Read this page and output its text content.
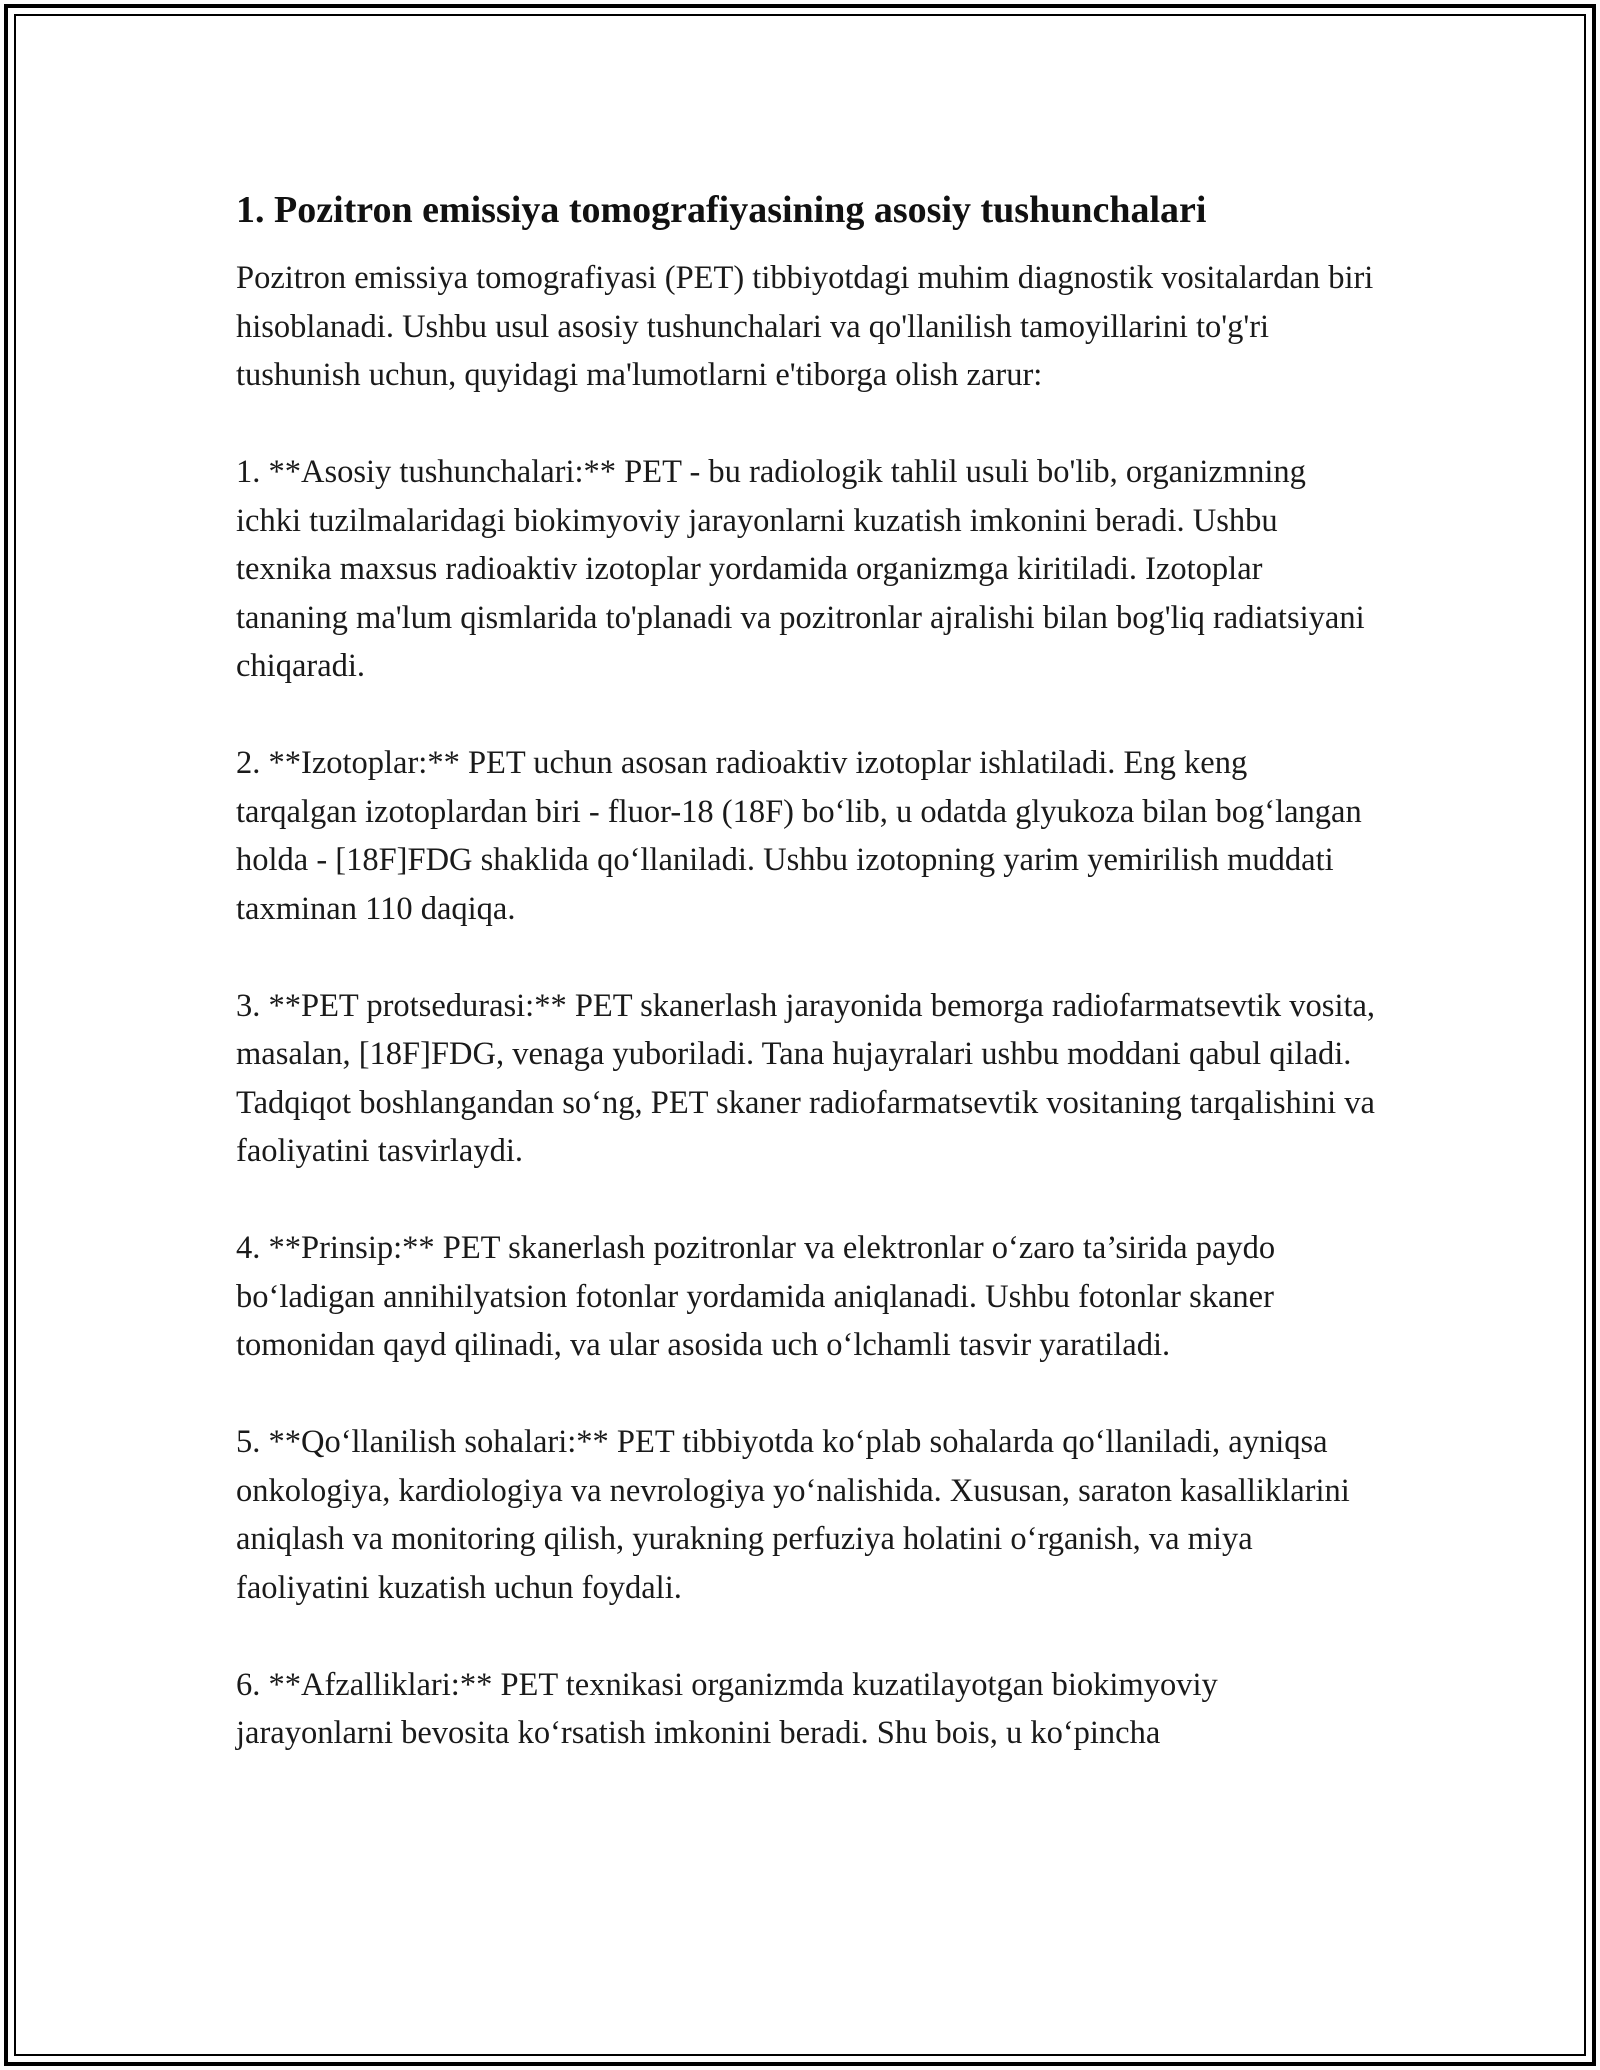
1. Pozitron emissiya tomografiyasining asosiy tushunchalari

Pozitron emissiya tomografiyasi (PET) tibbiyotdagi muhim diagnostik vositalardan biri hisoblanadi. Ushbu usul asosiy tushunchalari va qo'llanilish tamoyillarini to'g'ri tushunish uchun, quyidagi ma'lumotlarni e'tiborga olish zarur:

1. **Asosiy tushunchalari:** PET - bu radiologik tahlil usuli bo'lib, organizmning ichki tuzilmalaridagi biokimyoviy jarayonlarni kuzatish imkonini beradi. Ushbu texnika maxsus radioaktiv izotoplar yordamida organizmga kiritiladi. Izotoplar tananing ma'lum qismlarida to'planadi va pozitronlar ajralishi bilan bog'liq radiatsiyani chiqaradi.

2. **Izotoplar:** PET uchun asosan radioaktiv izotoplar ishlatiladi. Eng keng tarqalgan izotoplardan biri - fluor-18 (18F) bo‘lib, u odatda glyukoza bilan bog‘langan holda - [18F]FDG shaklida qo‘llaniladi. Ushbu izotopning yarim yemirilish muddati taxminan 110 daqiqa.

3. **PET protsedurasi:** PET skanerlash jarayonida bemorga radiofarmatsevtik vosita, masalan, [18F]FDG, venaga yuboriladi. Tana hujayralari ushbu moddani qabul qiladi. Tadqiqot boshlangandan so‘ng, PET skaner radiofarmatsevtik vositaning tarqalishini va faoliyatini tasvirlaydi.

4. **Prinsip:** PET skanerlash pozitronlar va elektronlar o‘zaro ta’sirida paydo bo‘ladigan annihilyatsion fotonlar yordamida aniqlanadi. Ushbu fotonlar skaner tomonidan qayd qilinadi, va ular asosida uch o‘lchamli tasvir yaratiladi.

5. **Qo‘llanilish sohalari:** PET tibbiyotda ko‘plab sohalarda qo‘llaniladi, ayniqsa onkologiya, kardiologiya va nevrologiya yo‘nalishida. Xususan, saraton kasalliklarini aniqlash va monitoring qilish, yurakning perfuziya holatini o‘rganish, va miya faoliyatini kuzatish uchun foydali.

6. **Afzalliklari:** PET texnikasi organizmda kuzatilayotgan biokimyoviy jarayonlarni bevosita ko‘rsatish imkonini beradi. Shu bois, u ko‘pincha
